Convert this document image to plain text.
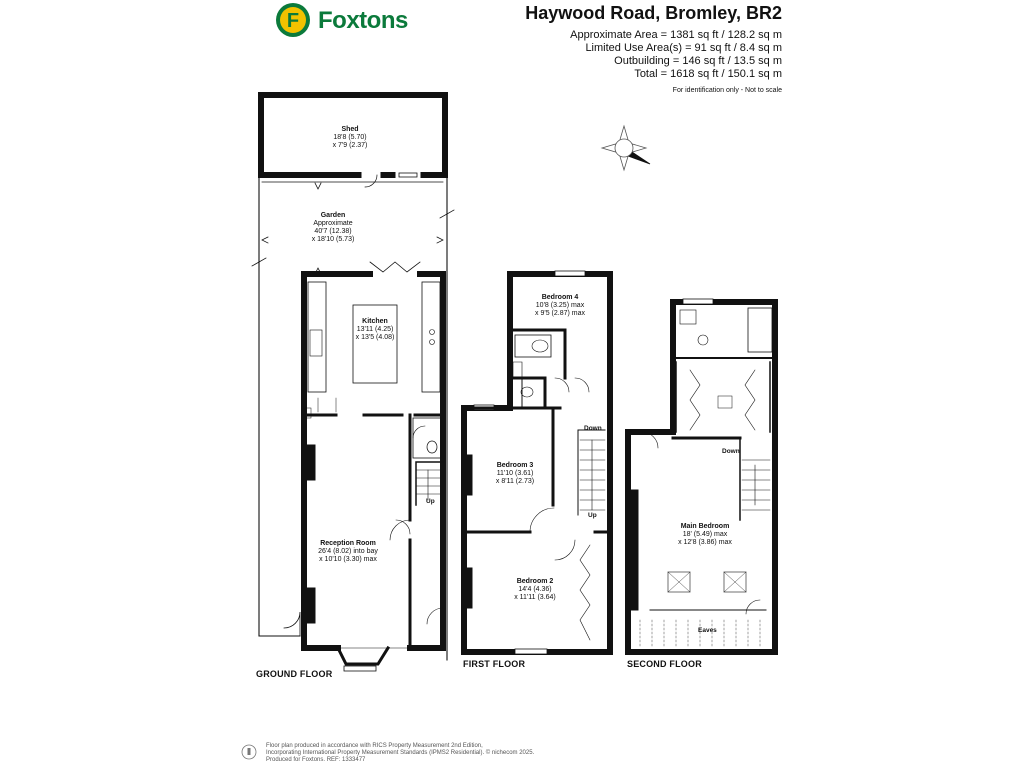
F Foxtons	Haywood Road, Bromley, BR2
Approximate Area = 1381 sq ft / 128.2 sq m
Limited Use Area(s) = 91 sq ft / 8.4 sq m
Outbuilding = 146 sq ft / 13.5 sq m
Total = 1618 sq ft / 150.1 sq m
For identification only - Not to scale
Shed
18'8 (5.70)
x 7'9 (2.37)
Garden
Approximate
40'7 (12.38)
x 18'10 (5.73)
Kitchen
13'11 (4.25)
x 13'5 (4.08)
Reception Room
26'4 (8.02) into bay
x 10'10 (3.30) max
Up
GROUND FLOOR
Bedroom 4
10'8 (3.25) max
x 9'5 (2.87) max
Bedroom 3
11'10 (3.61)
x 8'11 (2.73)
Bedroom 2
14'4 (4.36)
x 11'11 (3.64)
Down
Up
FIRST FLOOR
Main Bedroom
18' (5.49) max
x 12'8 (3.86) max
Down
Eaves
SECOND FLOOR
Floor plan produced in accordance with RICS Property Measurement 2nd Edition,
Incorporating International Property Measurement Standards (IPMS2 Residential). © nichecom 2025.
Produced for Foxtons. REF: 1333477
